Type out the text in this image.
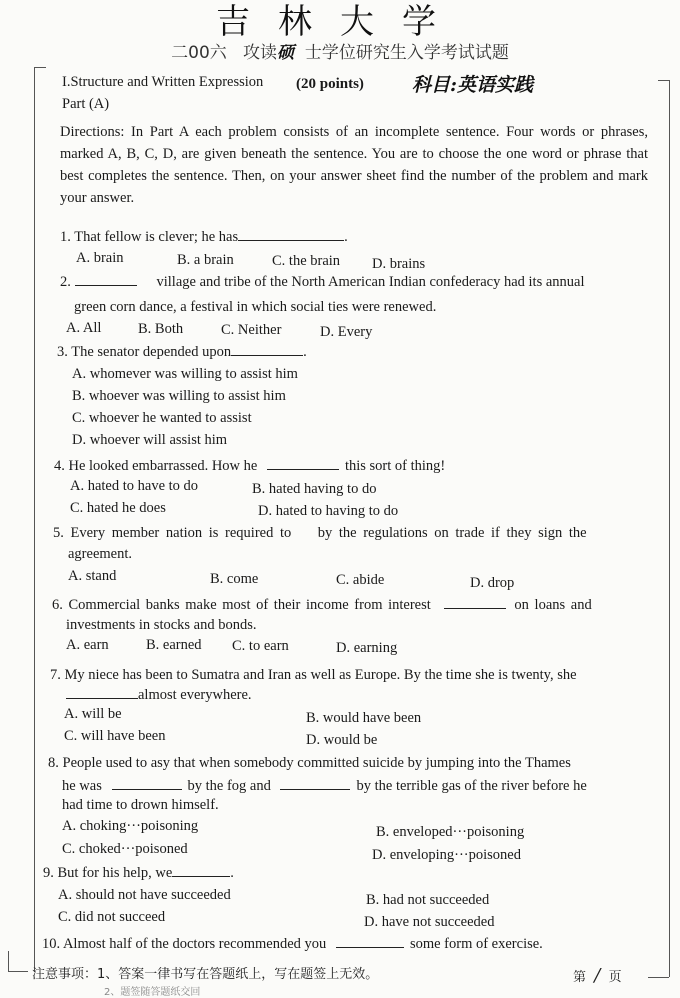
吉林大学
二00六 攻读硕 士学位研究生入学考试试题
I.Structure and Written Expression (20 points)	科目:英语实践
Part (A)
Directions: In Part A each problem consists of an incomplete sentence. Four words or phrases, marked A, B, C, D, are given beneath the sentence. You are to choose the one word or phrase that best completes the sentence. Then, on your answer sheet find the number of the problem and mark your answer.
1. That fellow is clever; he has	.
A. brain	B. a brain	C. the brain D. brains
2.	village and tribe of the North American Indian confederacy had its annual
green corn dance, a festival in which social ties were renewed.
A. All	B. Both	C. Neither	D. Every
3. The senator depended upon	.
A. whomever was willing to assist him
B. whoever was willing to assist him
C. whoever he wanted to assist
D. whoever will assist him
4. He looked embarrassed. How he	this sort of thing!
A. hated to have to do	B. hated having to do
C. hated he does	D. hated to having to do
5. Every member nation is required to by the regulations on trade if they sign the
agreement.
A. stand	B. come	C. abide	D. drop
6. Commercial banks make most of their income from interest	on loans and
investments in stocks and bonds.
A. earn	B. earned C. to earn	D. earning
7. My niece has been to Sumatra and Iran as well as Europe. By the time she is twenty, she
almost everywhere.
A. will be	B. would have been
C. will have been	D. would be
8. People used to asy that when somebody committed suicide by jumping into the Thames
he was	by the fog and	by the terrible gas of the river before he
had time to drown himself.
A. choking···poisoning	B. enveloped···poisoning
C. choked···poisoned	D. enveloping···poisoned
9. But for his help, we	.
A. should not have succeeded	B. had not succeeded
C. did not succeed	D. have not succeeded
10. Almost half of the doctors recommended you	some form of exercise.
注意事项：1、答案一律书写在答题纸上，写在题签上无效。
2、题签随答题纸交回
第 / 页
